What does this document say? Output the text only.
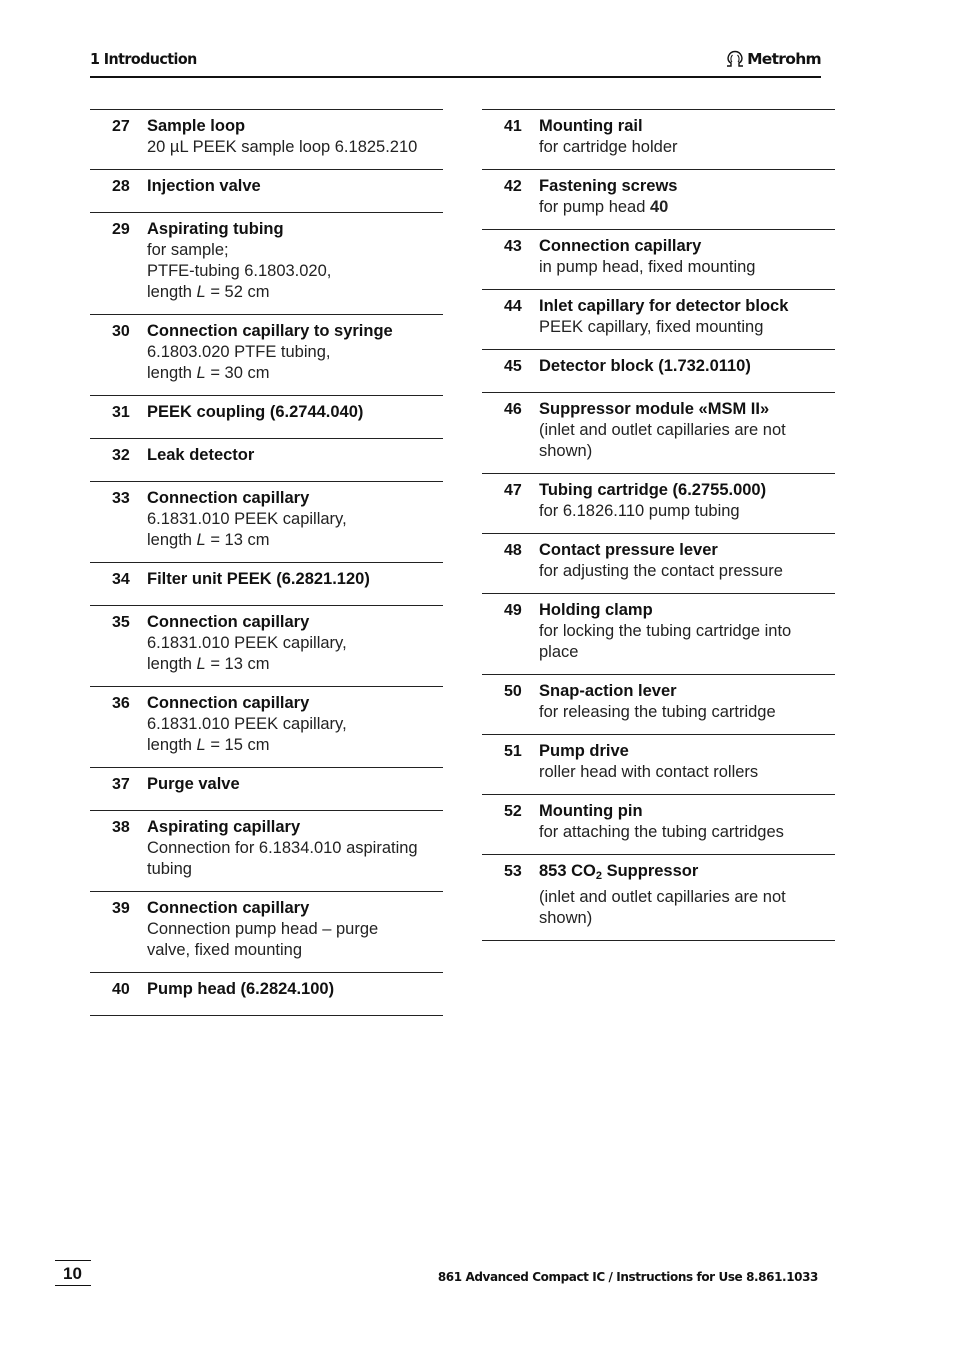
1 Introduction	Metrohm
27	Sample loop
20 µL PEEK sample loop 6.1825.210
28	Injection valve
29	Aspirating tubing
for sample;
PTFE-tubing 6.1803.020,
length L = 52 cm
30	Connection capillary to syringe
6.1803.020 PTFE tubing,
length L = 30 cm
31	PEEK coupling (6.2744.040)
32	Leak detector
33	Connection capillary
6.1831.010 PEEK capillary,
length L = 13 cm
34	Filter unit PEEK (6.2821.120)
35	Connection capillary
6.1831.010 PEEK capillary,
length L = 13 cm
36	Connection capillary
6.1831.010 PEEK capillary,
length L = 15 cm
37	Purge valve
38	Aspirating capillary
Connection for 6.1834.010 aspirating
tubing
39	Connection capillary
Connection pump head – purge
valve, fixed mounting
40	Pump head (6.2824.100)
41	Mounting rail
for cartridge holder
42	Fastening screws
for pump head 40
43	Connection capillary
in pump head, fixed mounting
44	Inlet capillary for detector block
PEEK capillary, fixed mounting
45	Detector block (1.732.0110)
46	Suppressor module «MSM II»
(inlet and outlet capillaries are not
shown)
47	Tubing cartridge (6.2755.000)
for 6.1826.110 pump tubing
48	Contact pressure lever
for adjusting the contact pressure
49	Holding clamp
for locking the tubing cartridge into
place
50	Snap-action lever
for releasing the tubing cartridge
51	Pump drive
roller head with contact rollers
52	Mounting pin
for attaching the tubing cartridges
53	853 $CO_2$ Suppressor
(inlet and outlet capillaries are not
shown)
10	861 Advanced Compact IC / Instructions for Use 8.861.1033
